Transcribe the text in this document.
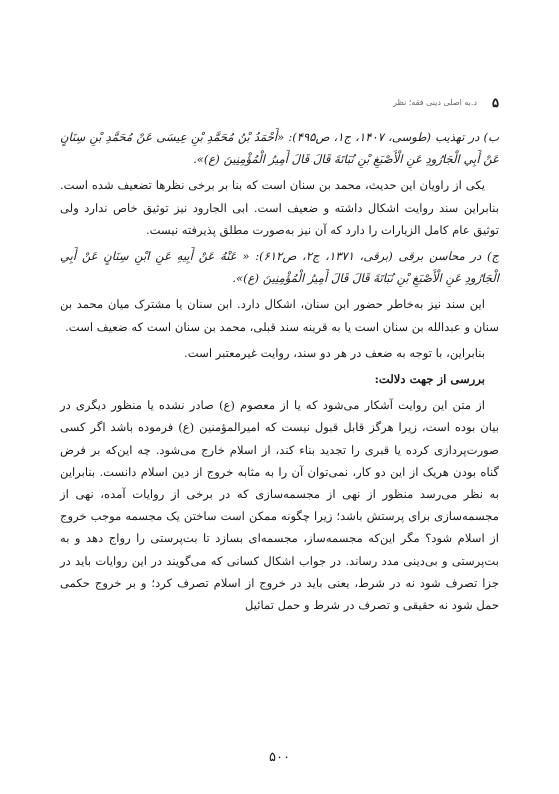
۵
د.به اصلی دینی فقه؛ نظر

ب) در تهذیب (طوسی، ۱۴۰۷، ج۱، ص۴۹۵): «أَحْمَدُ بْنُ مُحَمَّدِ بْنِ عِیسَى عَنْ مُحَمَّدِ بْنِ سِنَانٍ عَنْ أَبِي الْجَارُودِ عَنِ الْأَصْبَغِ بْنِ نُبَاتَةَ قَالَ قَالَ أَمِيرُ الْمُؤْمِنِينَ (ع)».

یکی از راویان این حدیث، محمد بن سنان است که بنا بر برخی نظرها تضعیف شده است. بنابراین سند روایت اشکال داشته و ضعیف است. ابی الجارود نیز توثیق خاص ندارد ولی توثیق عام کامل الزیارات را دارد که آن نیز به‌صورت مطلق پذیرفته نیست.

ج) در محاسن برقی (برقی، ۱۳۷۱، ج۲، ص۶۱۲): « عَنْهُ عَنْ أَبِيهِ عَنِ ابْنِ سِنَانٍ عَنْ أَبِي الْجَارُودِ عَنِ الْأَصْبَغِ بْنِ نُبَاتَةَ قَالَ قَالَ أَمِيرُ الْمُؤْمِنِينَ (ع)».

این سند نیز به‌خاطر حضور ابن سنان، اشکال دارد. ابن سنان یا مشترک میان محمد بن سنان و عبدالله بن سنان است یا به قرینه سند قبلی، محمد بن سنان است که ضعیف است.

بنابراین، با توجه به ضعف در هر دو سند، روایت غیرمعتبر است.

بررسی از جهت دلالت:

از متن این روایت آشکار می‌شود که یا از معصوم (ع) صادر نشده یا منظور دیگری در بیان بوده است، زیرا هرگز قابل قبول نیست که امیرالمؤمنین (ع) فرموده باشد اگر کسی صورت‌پردازی کرده یا قبری را تجدید بناء کند، از اسلام خارج می‌شود. چه این‌که بر فرض گناه بودن هریک از این دو کار، نمی‌توان آن را به مثابه خروج از دین اسلام دانست. بنابراین به نظر می‌رسد منظور از نهی از مجسمه‌سازی که در برخی از روایات آمده، نهی از مجسمه‌سازی برای پرستش باشد؛ زیرا چگونه ممکن است ساختن یک مجسمه موجب خروج از اسلام شود؟ مگر این‌که مجسمه‌ساز، مجسمه‌ای بسازد تا بت‌پرستی را رواج دهد و به بت‌پرستی و بی‌دینی مدد رساند. در جواب اشکال کسانی که می‌گویند در این روایات باید در جزا تصرف شود نه در شرط، یعنی باید در خروج از اسلام تصرف کرد؛ و بر خروج حکمی حمل شود نه حقیقی و تصرف در شرط و حمل تمائیل

۵۰۰
